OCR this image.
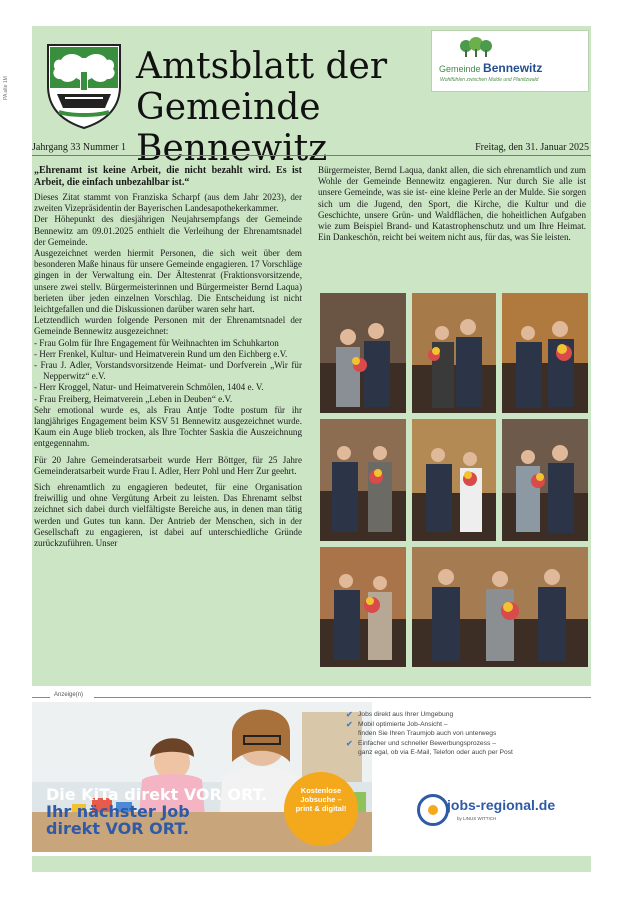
PA alte 1M
Amtsblatt der
Gemeinde Bennewitz
Gemeinde Bennewitz
Wohlfühlen zwischen Mulde und Planitzwald
Jahrgang 33 Nummer 1	Freitag, den 31. Januar 2025

„Ehrenamt ist keine Arbeit, die nicht bezahlt wird. Es ist Arbeit, die einfach unbezahlbar ist.“

Dieses Zitat stammt von Franziska Scharpf (aus dem Jahr 2023), der zweiten Vizepräsidentin der Bayerischen Landesapothekerkammer.

Der Höhepunkt des diesjährigen Neujahrsempfangs der Gemeinde Bennewitz am 09.01.2025 enthielt die Verleihung der Ehrenamtsnadel der Gemeinde.

Ausgezeichnet werden hiermit Personen, die sich weit über dem besonderen Maße hinaus für unsere Gemeinde engagieren. 17 Vorschläge gingen in der Verwaltung ein. Der Ältestenrat (Fraktionsvorsitzende, unsere zwei stellv. Bürgermeisterinnen und Bürgermeister Bernd Laqua) berieten über jeden einzelnen Vorschlag. Die Entscheidung ist nicht leichtgefallen und die Diskussionen darüber waren sehr hart.

Letztendlich wurden folgende Personen mit der Ehrenamtsnadel der Gemeinde Bennewitz ausgezeichnet:

- Frau Golm für Ihre Engagement für Weihnachten im Schuhkarton
- Herr Frenkel, Kultur- und Heimatverein Rund um den Eichberg e.V.
- Frau J. Adler, Vorstandsvorsitzende Heimat- und Dorfverein „Wir für Nepperwitz“ e.V.
- Herr Kroggel, Natur- und Heimatverein Schmölen, 1404 e. V.
- Frau Freiberg, Heimatverein „Leben in Deuben“ e.V.

Sehr emotional wurde es, als Frau Antje Todte postum für ihr langjähriges Engagement beim KSV 51 Bennewitz ausgezeichnet wurde. Kaum ein Auge blieb trocken, als Ihre Tochter Saskia die Auszeichnung entgegennahm.

Für 20 Jahre Gemeinderatsarbeit wurde Herr Böttger, für 25 Jahre Gemeinderatsarbeit wurde Frau I. Adler, Herr Pohl und Herr Zur geehrt.

Sich ehrenamtlich zu engagieren bedeutet, für eine Organisation freiwillig und ohne Vergütung Arbeit zu leisten. Das Ehrenamt selbst zeichnet sich dabei durch vielfältigste Bereiche aus, in denen man tätig werden und Gutes tun kann. Der Antrieb der Menschen, sich in der Gesellschaft zu engagieren, ist dabei auf unterschiedliche Gründe zurückzuführen. Unser

Bürgermeister, Bernd Laqua, dankt allen, die sich ehrenamtlich und zum Wohle der Gemeinde Bennewitz engagieren. Nur durch Sie alle ist unsere Gemeinde, was sie ist- eine kleine Perle an der Mulde. Sie sorgen sich um die Jugend, den Sport, die Kirche, die Kultur und die Geschichte, unsere Grün- und Waldflächen, die hoheitlichen Aufgaben wie zum Beispiel Brand- und Katastrophenschutz und um Ihre Heimat. Ein Dankeschön, reicht bei weitem nicht aus, für das, was Sie leisten.

Anzeige(n)
Die KiTa direkt VOR ORT.
Ihr nächster Job
direkt VOR ORT.
Kostenlose
Jobsuche –
print & digital!
✔ Jobs direkt aus Ihrer Umgebung
✔ Mobil optimierte Job-Ansicht –
finden Sie Ihren Traumjob auch von unterwegs
✔ Einfacher und schneller Bewerbungsprozess –
ganz egal, ob via E-Mail, Telefon oder auch per Post
jobs-regional.de
by LINUS WITTICH
